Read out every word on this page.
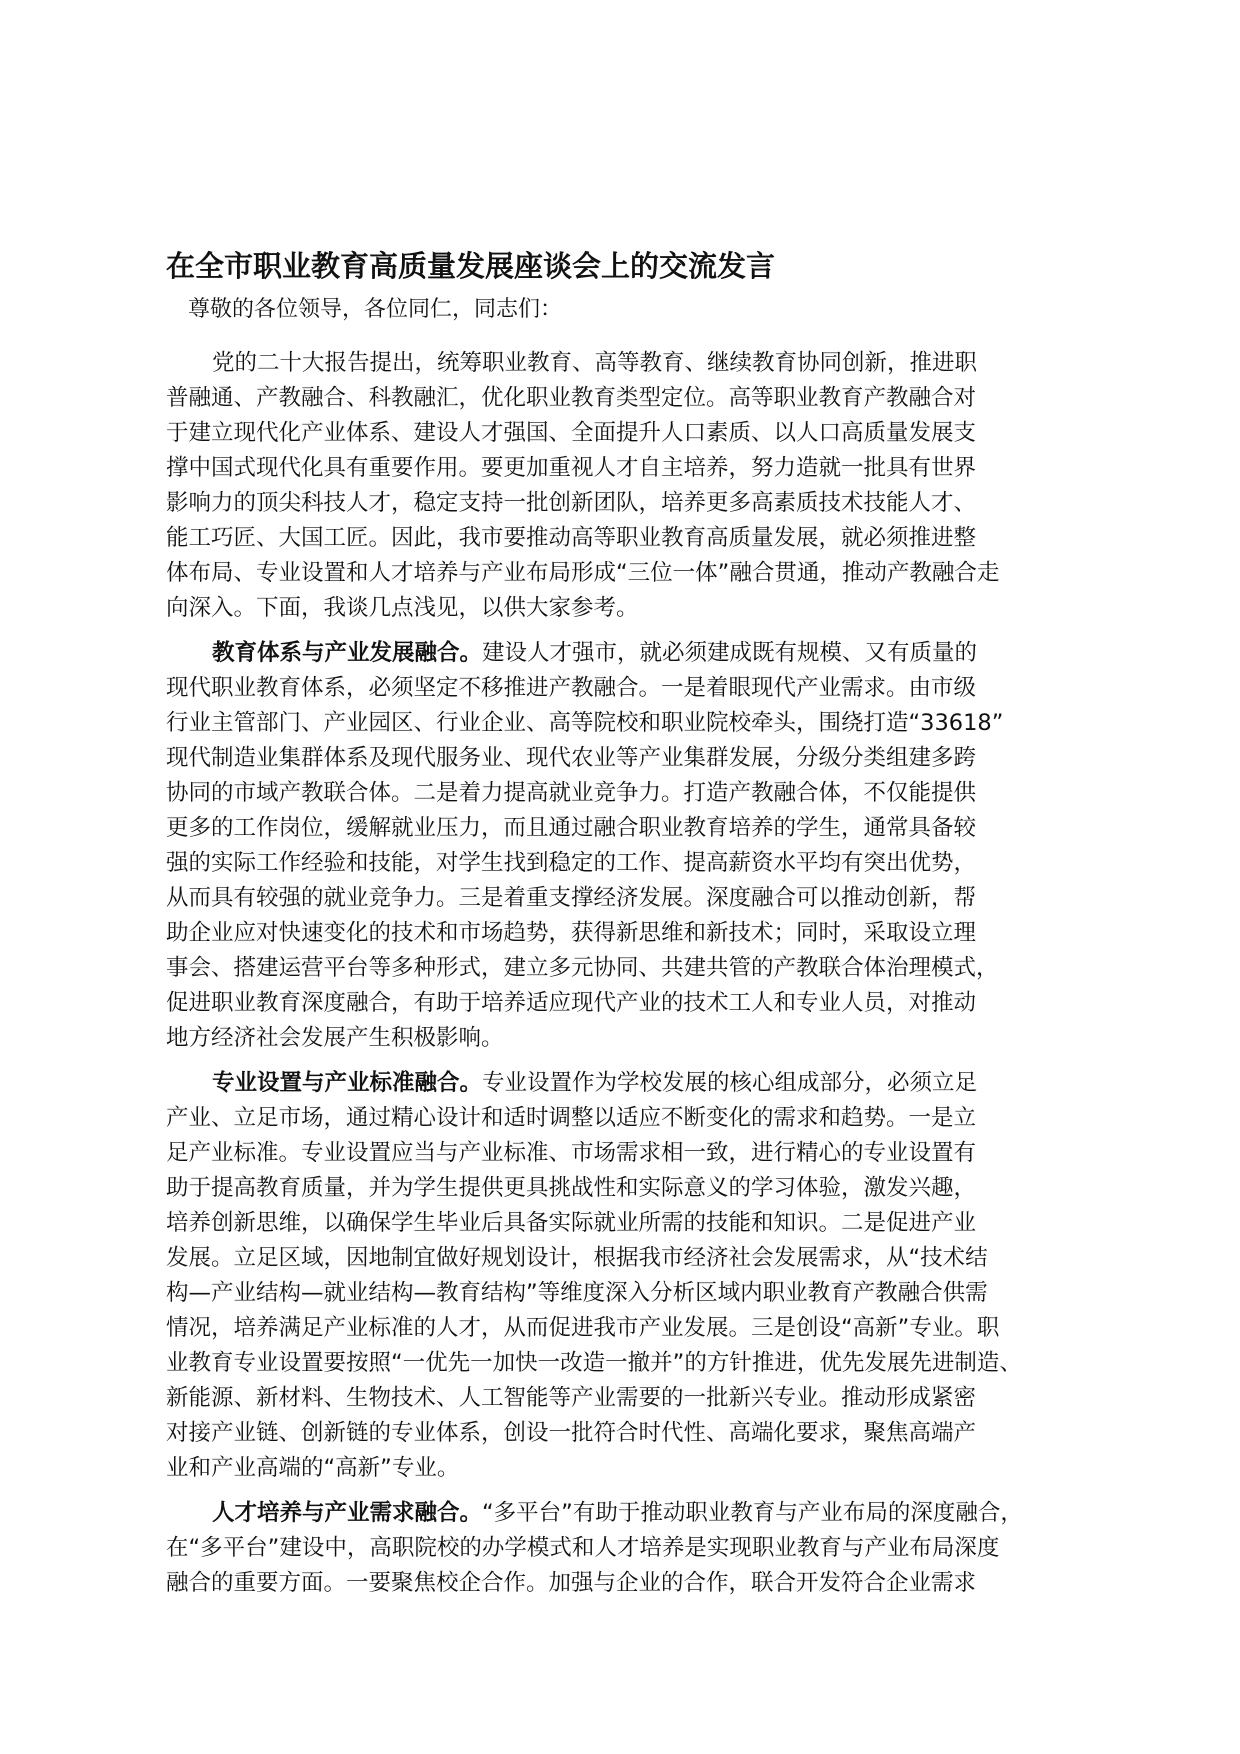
在全市职业教育高质量发展座谈会上的交流发言
尊敬的各位领导，各位同仁，同志们：
党的二十大报告提出，统筹职业教育、高等教育、继续教育协同创新，推进职
普融通、产教融合、科教融汇，优化职业教育类型定位。高等职业教育产教融合对
于建立现代化产业体系、建设人才强国、全面提升人口素质、以人口高质量发展支
撑中国式现代化具有重要作用。要更加重视人才自主培养，努力造就一批具有世界
影响力的顶尖科技人才，稳定支持一批创新团队，培养更多高素质技术技能人才、
能工巧匠、大国工匠。因此，我市要推动高等职业教育高质量发展，就必须推进整
体布局、专业设置和人才培养与产业布局形成“三位一体”融合贯通，推动产教融合走
向深入。下面，我谈几点浅见，以供大家参考。
教育体系与产业发展融合。建设人才强市，就必须建成既有规模、又有质量的
现代职业教育体系，必须坚定不移推进产教融合。一是着眼现代产业需求。由市级
行业主管部门、产业园区、行业企业、高等院校和职业院校牵头，围绕打造“33618”
现代制造业集群体系及现代服务业、现代农业等产业集群发展，分级分类组建多跨
协同的市域产教联合体。二是着力提高就业竞争力。打造产教融合体，不仅能提供
更多的工作岗位，缓解就业压力，而且通过融合职业教育培养的学生，通常具备较
强的实际工作经验和技能，对学生找到稳定的工作、提高薪资水平均有突出优势，
从而具有较强的就业竞争力。三是着重支撑经济发展。深度融合可以推动创新，帮
助企业应对快速变化的技术和市场趋势，获得新思维和新技术；同时，采取设立理
事会、搭建运营平台等多种形式，建立多元协同、共建共管的产教联合体治理模式，
促进职业教育深度融合，有助于培养适应现代产业的技术工人和专业人员，对推动
地方经济社会发展产生积极影响。
专业设置与产业标准融合。专业设置作为学校发展的核心组成部分，必须立足
产业、立足市场，通过精心设计和适时调整以适应不断变化的需求和趋势。一是立
足产业标准。专业设置应当与产业标准、市场需求相一致，进行精心的专业设置有
助于提高教育质量，并为学生提供更具挑战性和实际意义的学习体验，激发兴趣，
培养创新思维，以确保学生毕业后具备实际就业所需的技能和知识。二是促进产业
发展。立足区域，因地制宜做好规划设计，根据我市经济社会发展需求，从“技术结
构—产业结构—就业结构—教育结构”等维度深入分析区域内职业教育产教融合供需
情况，培养满足产业标准的人才，从而促进我市产业发展。三是创设“高新”专业。职
业教育专业设置要按照“一优先一加快一改造一撤并”的方针推进，优先发展先进制造、
新能源、新材料、生物技术、人工智能等产业需要的一批新兴专业。推动形成紧密
对接产业链、创新链的专业体系，创设一批符合时代性、高端化要求，聚焦高端产
业和产业高端的“高新”专业。
人才培养与产业需求融合。“多平台”有助于推动职业教育与产业布局的深度融合，
在“多平台”建设中，高职院校的办学模式和人才培养是实现职业教育与产业布局深度
融合的重要方面。一要聚焦校企合作。加强与企业的合作，联合开发符合企业需求
